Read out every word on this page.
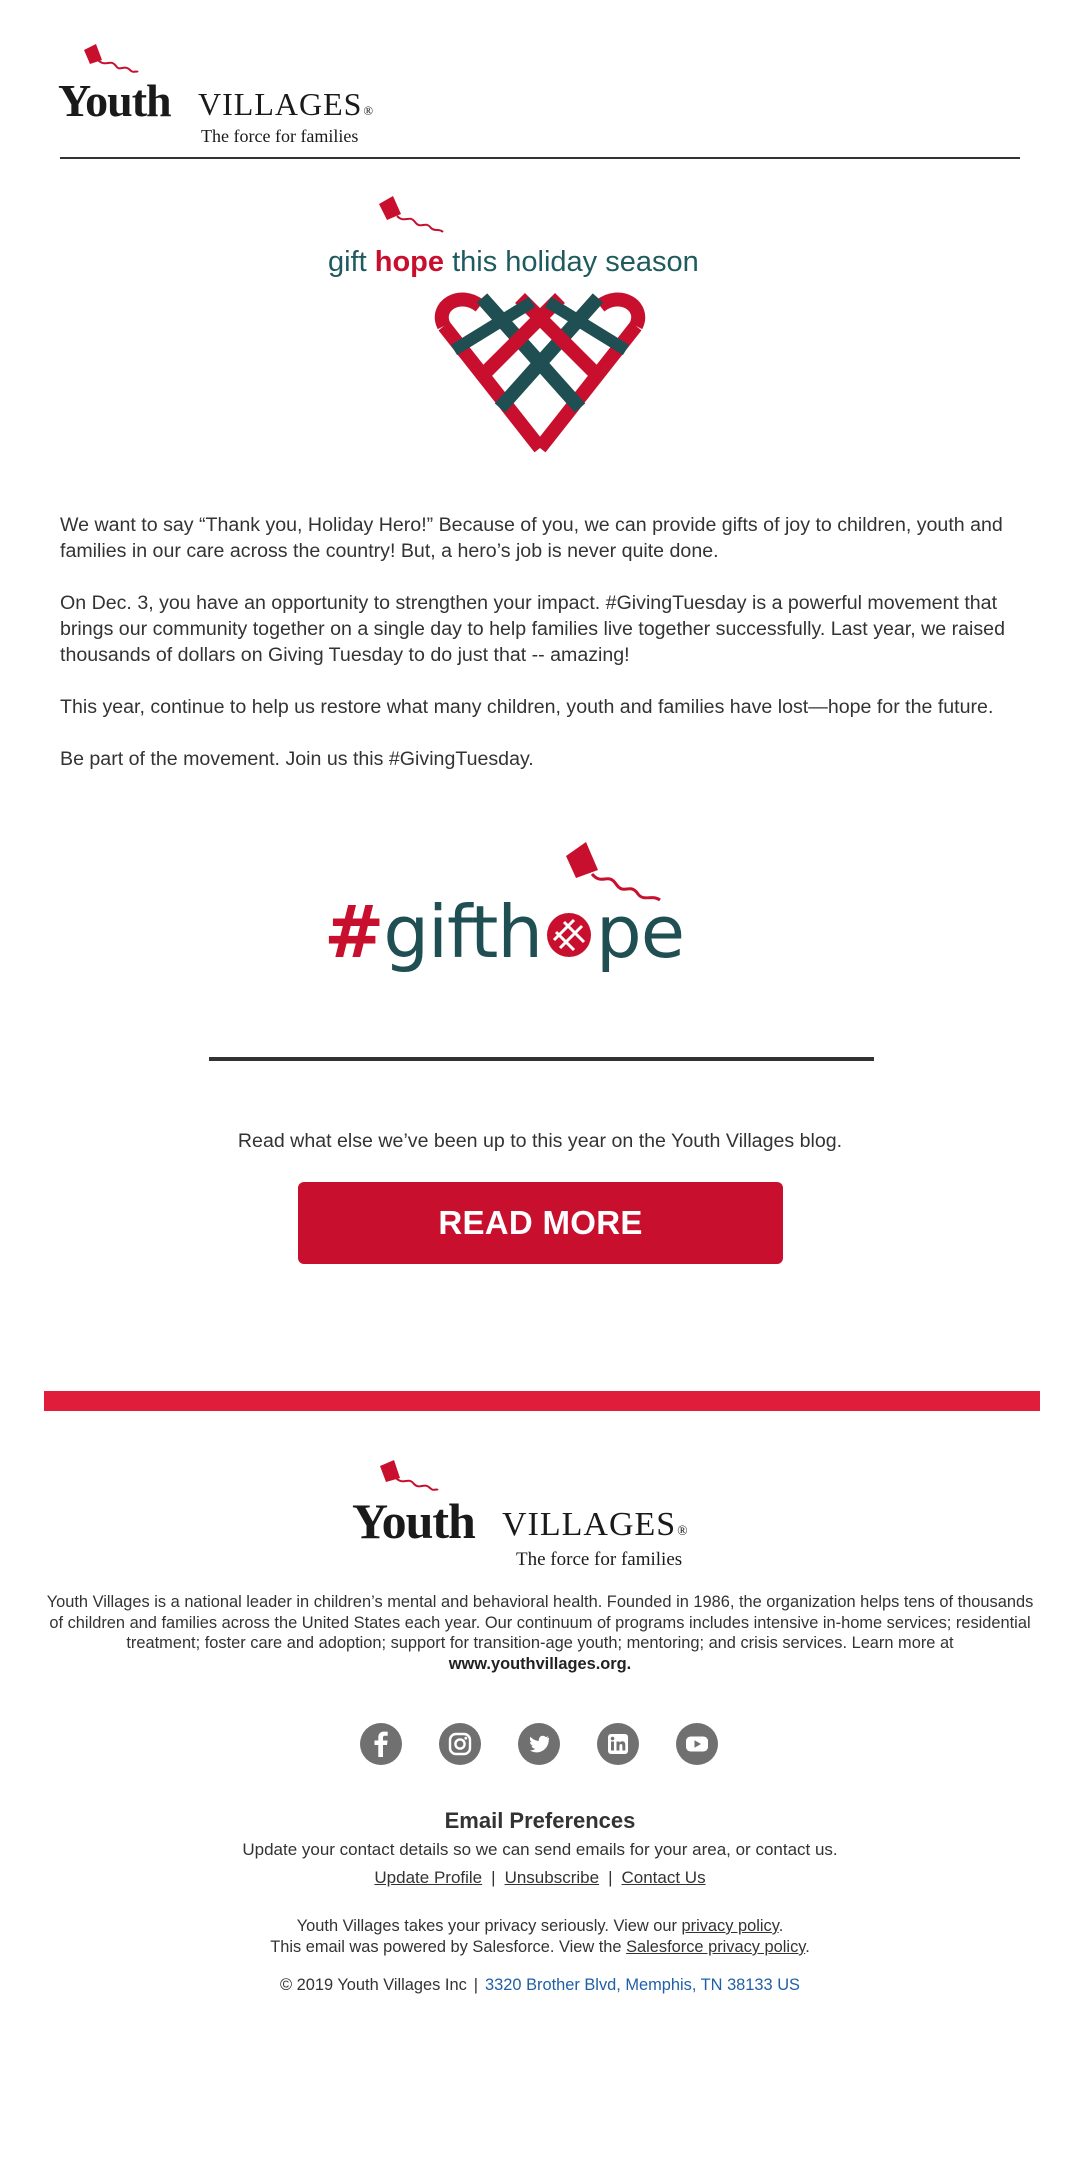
Youth VILLAGES®
The force for families
gift hope this holiday season

We want to say “Thank you, Holiday Hero!” Because of you, we can provide gifts of joy to children, youth and families in our care across the country! But, a hero’s job is never quite done.

On Dec. 3, you have an opportunity to strengthen your impact. #GivingTuesday is a powerful movement that brings our community together on a single day to help families live together successfully. Last year, we raised thousands of dollars on Giving Tuesday to do just that -- amazing!

This year, continue to help us restore what many children, youth and families have lost—hope for the future.

Be part of the movement. Join us this #GivingTuesday.

#gifth pe
Read what else we’ve been up to this year on the Youth Villages blog.
READ MORE
Youth VILLAGES®
The force for families
Youth Villages is a national leader in children’s mental and behavioral health. Founded in 1986, the organization helps tens of thousands of children and families across the United States each year. Our continuum of programs includes intensive in-home services; residential treatment; foster care and adoption; support for transition-age youth; mentoring; and crisis services. Learn more at www.youthvillages.org.
Email Preferences
Update your contact details so we can send emails for your area, or contact us.
Update Profile | Unsubscribe | Contact Us
Youth Villages takes your privacy seriously. View our privacy policy.
This email was powered by Salesforce. View the Salesforce privacy policy.
© 2019 Youth Villages Inc | 3320 Brother Blvd, Memphis, TN 38133 US
